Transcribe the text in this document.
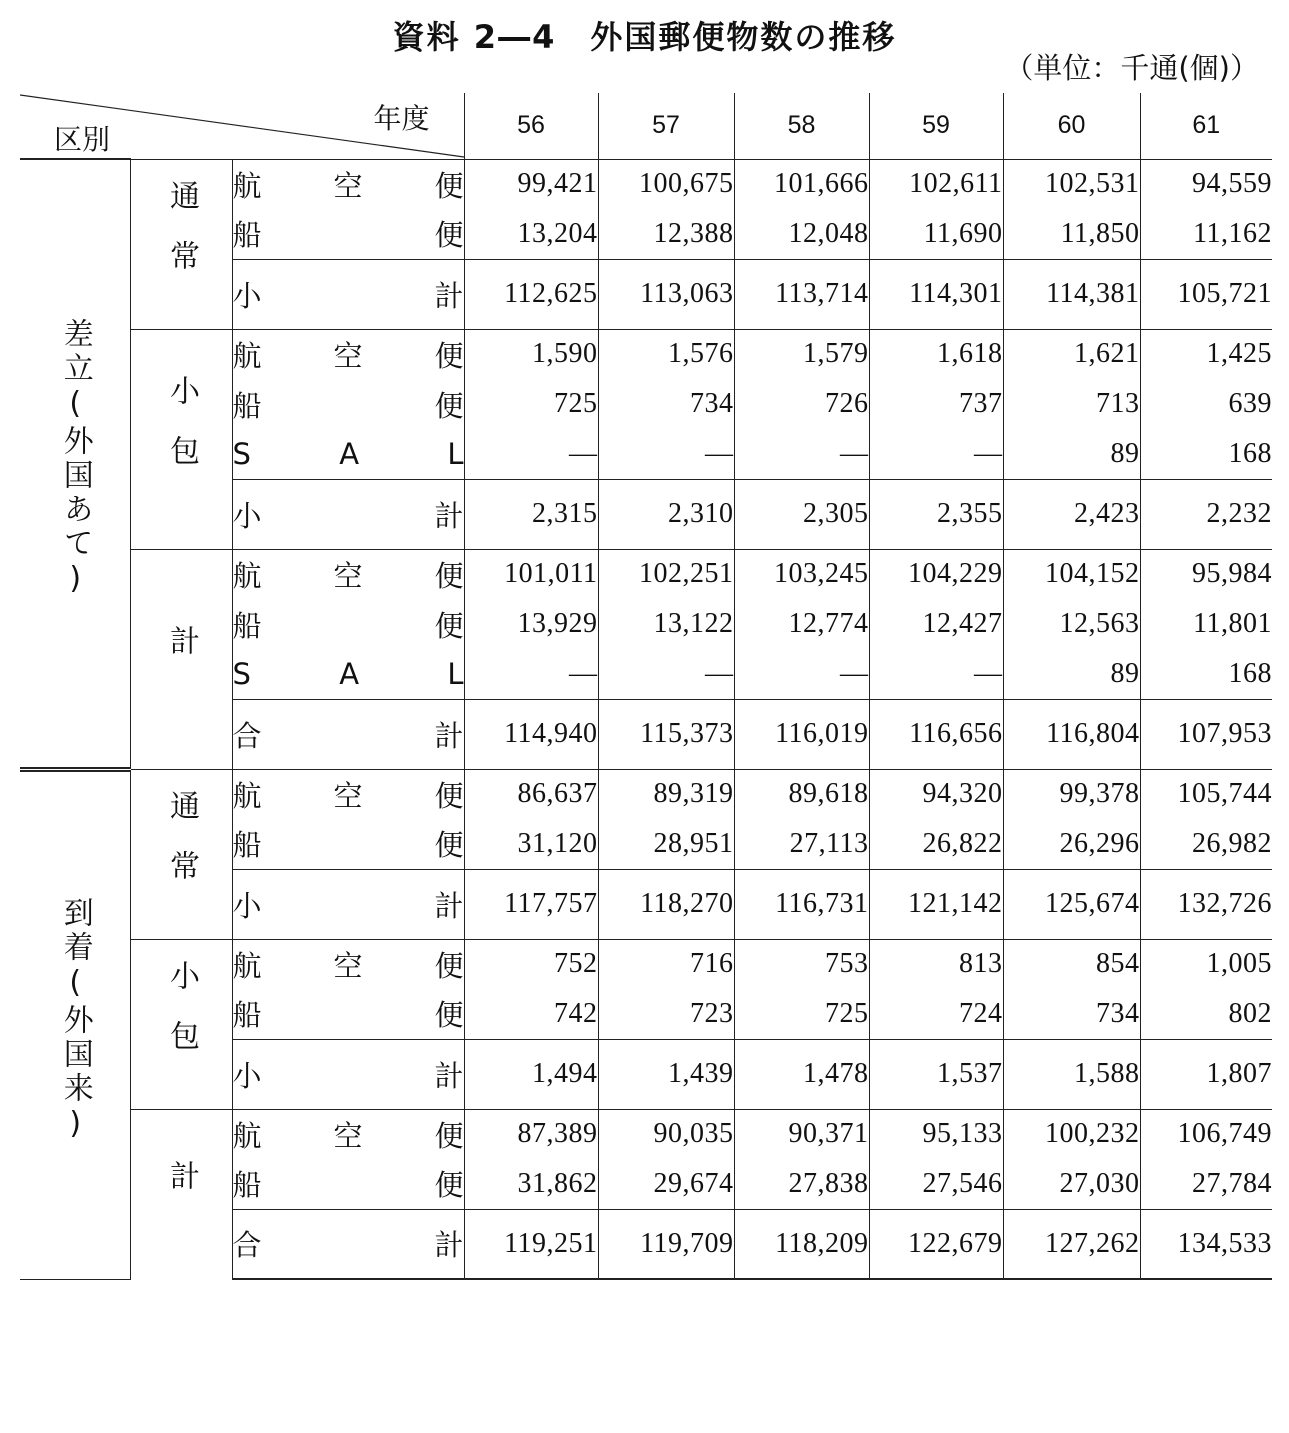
資料 2―4　外国郵便物数の推移
（単位：千通(個)）
年度
区別			56	57	58	59	60	61
差立(外国あて)	通常	航 空 便	99,421	100,675	101,666	102,611	102,531	94,559

		船 便	13,204	12,388	12,048	11,690	11,850	11,162

		小 計	112,625	113,063	113,714	114,301	114,381	105,721
	小包	航 空 便	1,590	1,576	1,579	1,618	1,621	1,425

		船 便	725	734	726	737	713	639

		S A L	—	—	—	—	89	168

		小 計	2,315	2,310	2,305	2,355	2,423	2,232
	計	航 空 便	101,011	102,251	103,245	104,229	104,152	95,984

		船 便	13,929	13,122	12,774	12,427	12,563	11,801

		S A L	—	—	—	—	89	168

		合 計	114,940	115,373	116,019	116,656	116,804	107,953
到着(外国来)	通常	航 空 便	86,637	89,319	89,618	94,320	99,378	105,744

		船 便	31,120	28,951	27,113	26,822	26,296	26,982

		小 計	117,757	118,270	116,731	121,142	125,674	132,726
	小包	航 空 便	752	716	753	813	854	1,005

		船 便	742	723	725	724	734	802

		小 計	1,494	1,439	1,478	1,537	1,588	1,807
	計	航 空 便	87,389	90,035	90,371	95,133	100,232	106,749

		船 便	31,862	29,674	27,838	27,546	27,030	27,784

		合 計	119,251	119,709	118,209	122,679	127,262	134,533
